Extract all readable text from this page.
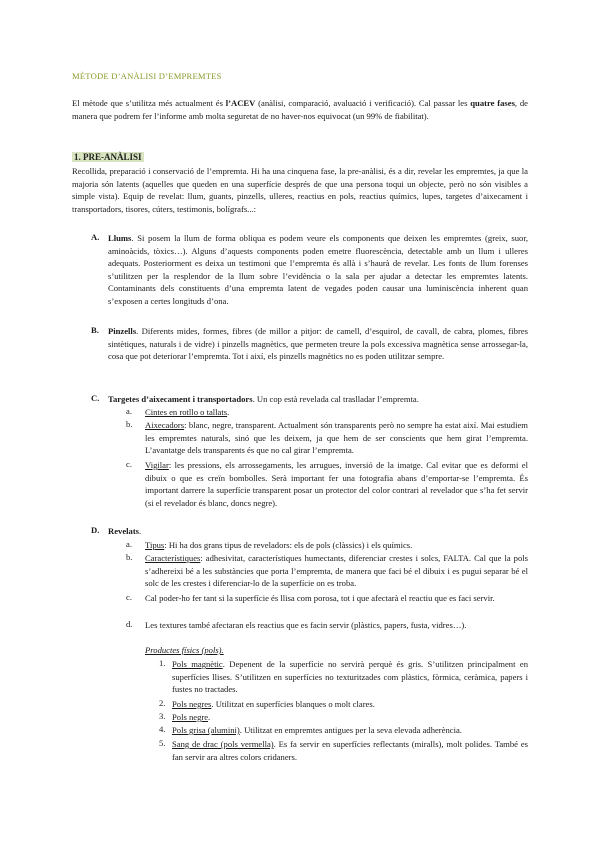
MÈTODE D’ANÀLISI D’EMPREMTES
El mètode que s’utilitza més actualment és l’ACEV (anàlisi, comparació, avaluació i verificació). Cal passar les quatre fases, de manera que podrem fer l’informe amb molta seguretat de no haver-nos equivocat (un 99% de fiabilitat).
1. PRE-ANÀLISI
Recollida, preparació i conservació de l’empremta. Hi ha una cinquena fase, la pre-anàlisi, és a dir, revelar les empremtes, ja que la majoria són latents (aquelles que queden en una superfície després de que una persona toqui un objecte, però no són visibles a simple vista). Equip de revelat: llum, guants, pinzells, ulleres, reactius en pols, reactius químics, lupes, targetes d’aixecament i transportadors, tisores, cúters, testimonis, bolígrafs...:
A. Llums. Si posem la llum de forma obliqua es podem veure els components que deixen les empremtes (greix, suor, aminoàcids, tòxics…). Alguns d’aquests components poden emetre fluorescència, detectable amb un llum i ulleres adequats. Posteriorment es deixa un testimoni que l’empremta és allà i s’haurà de revelar. Les fonts de llum forenses s’utilitzen per la resplendor de la llum sobre l’evidència o la sala per ajudar a detectar les empremtes latents. Contaminants dels constituents d’una empremta latent de vegades poden causar una luminiscència inherent quan s’exposen a certes longituds d’ona.
B. Pinzells. Diferents mides, formes, fibres (de millor a pitjor: de camell, d’esquirol, de cavall, de cabra, plomes, fibres sintètiques, naturals i de vidre) i pinzells magnètics, que permeten treure la pols excessiva magnètica sense arrossegar-la, cosa que pot deteriorar l’empremta. Tot i així, els pinzells magnètics no es poden utilitzar sempre.
C. Targetes d’aixecament i transportadors. Un cop està revelada cal traslladar l’empremta.
a. Cintes en rotllo o tallats.
b. Aixecadors: blanc, negre, transparent. Actualment són transparents però no sempre ha estat així. Mai estudiem les empremtes naturals, sinó que les deixem, ja que hem de ser conscients que hem girat l’empremta. L’avantatge dels transparents és que no cal girar l’empremta.
c. Vigilar: les pressions, els arrossegaments, les arrugues, inversió de la imatge. Cal evitar que es deformi el dibuix o que es creïn bombolles. Serà important fer una fotografia abans d’emportar-se l’empremta. És important darrere la superfície transparent posar un protector del color contrari al revelador que s’ha fet servir (si el revelador és blanc, doncs negre).
D. Revelats.
a. Tipus: Hi ha dos grans tipus de reveladors: els de pols (clàssics) i els químics.
b. Característiques: adhesivitat, característiques humectants, diferenciar crestes i solcs, FALTA. Cal que la pols s’adhereixi bé a les substàncies que porta l’empremta, de manera que faci bé el dibuix i es pugui separar bé el solc de les crestes i diferenciar-lo de la superfície on es troba.
c. Cal poder-ho fer tant si la superfície és llisa com porosa, tot i que afectarà el reactiu que es faci servir.
d. Les textures també afectaran els reactius que es facin servir (plàstics, papers, fusta, vidres…).
Productes físics (pols).
1. Pols magnètic. Depenent de la superfície no servirà perquè és gris. S’utilitzen principalment en superfícies llises. S’utilitzen en superfícies no texturitzades com plàstics, fòrmica, ceràmica, papers i fustes no tractades.
2. Pols negres. Utilitzat en superfícies blanques o molt clares.
3. Pols negre.
4. Pols grisa (alumini). Utilitzat en empremtes antigues per la seva elevada adherència.
5. Sang de drac (pols vermella). Es fa servir en superfícies reflectants (miralls), molt polides. També es fan servir ara altres colors cridaners.
